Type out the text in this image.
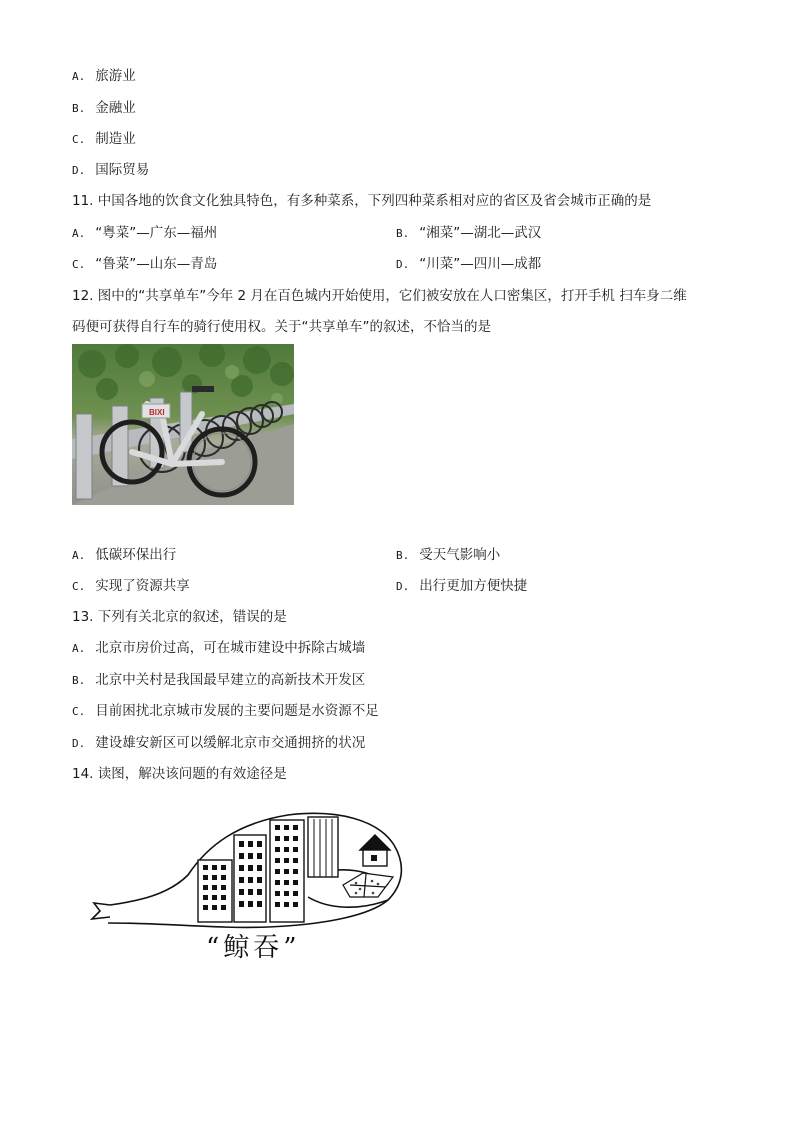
A. 旅游业
B. 金融业
C. 制造业
D. 国际贸易
11. 中国各地的饮食文化独具特色，有多种菜系，下列四种菜系相对应的省区及省会城市正确的是
A. “粤菜”—广东—福州	B. “湘菜”—湖北—武汉
C. “鲁菜”—山东—青岛	D. “川菜”—四川—成都
12. 图中的“共享单车”今年 2 月在百色城内开始使用，它们被安放在人口密集区，打开手机 扫车身二维
码便可获得自行车的骑行使用权。关于“共享单车”的叙述，不恰当的是
BIXI
A. 低碳环保出行	B. 受天气影响小
C. 实现了资源共享	D. 出行更加方便快捷
13. 下列有关北京的叙述，错误的是
A. 北京市房价过高，可在城市建设中拆除古城墙
B. 北京中关村是我国最早建立的高新技术开发区
C. 目前困扰北京城市发展的主要问题是水资源不足
D. 建设雄安新区可以缓解北京市交通拥挤的状况
14. 读图，解决该问题的有效途径是
“鲸吞”
